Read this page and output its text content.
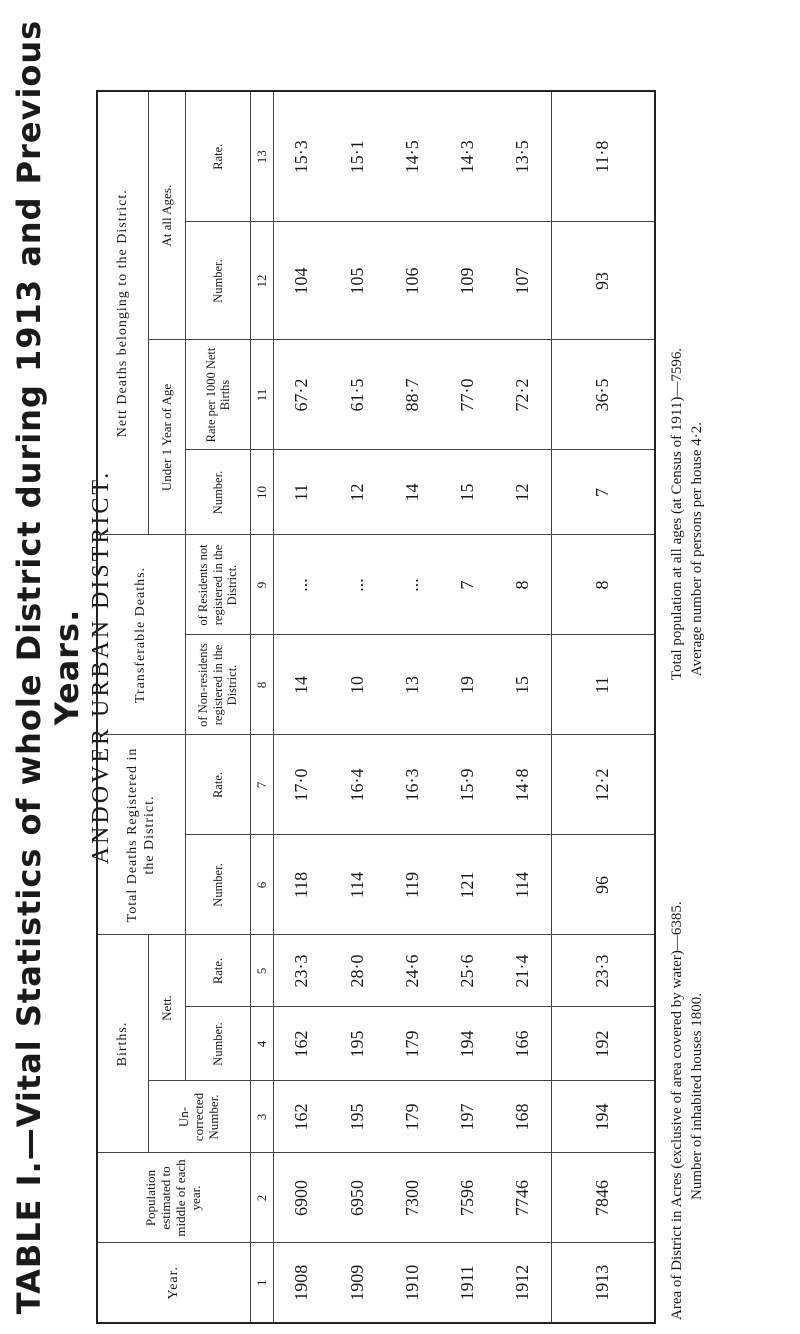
TABLE I.—Vital Statistics of whole District during 1913 and Previous Years. ANDOVER URBAN DISTRICT.
Year.	Population estimated to middle of each year.	Births.			Total Deaths Registered in the District.		Transferable Deaths.		Nett Deaths belonging to the District.			
		Un-corrected Number.	Nett.						Under 1 Year of Age		At all Ages.	
			Number.	Rate.	Number.	Rate.	of Non-residents registered in the District.	of Residents not registered in the District.	Number.	Rate per 1000 Nett Births	Number.	Rate.
1	2	3	4	5	6	7	8	9	10	11	12	13
1908	6900	162	162	23·3	118	17·0	14	...	11	67·2	104	15·3
1909	6950	195	195	28·0	114	16·4	10	...	12	61·5	105	15·1
1910	7300	179	179	24·6	119	16·3	13	...	14	88·7	106	14·5
1911	7596	197	194	25·6	121	15·9	19	7	15	77·0	109	14·3
1912	7746	168	166	21·4	114	14·8	15	8	12	72·2	107	13·5
1913	7846	194	192	23·3	96	12·2	11	8	7	36·5	93	11·8
Area of District in Acres (exclusive of area covered by water)—6385.
Total population at all ages (at Census of 1911)—7596.
Number of inhabited houses 1800. Average number of persons per house 4·2.
